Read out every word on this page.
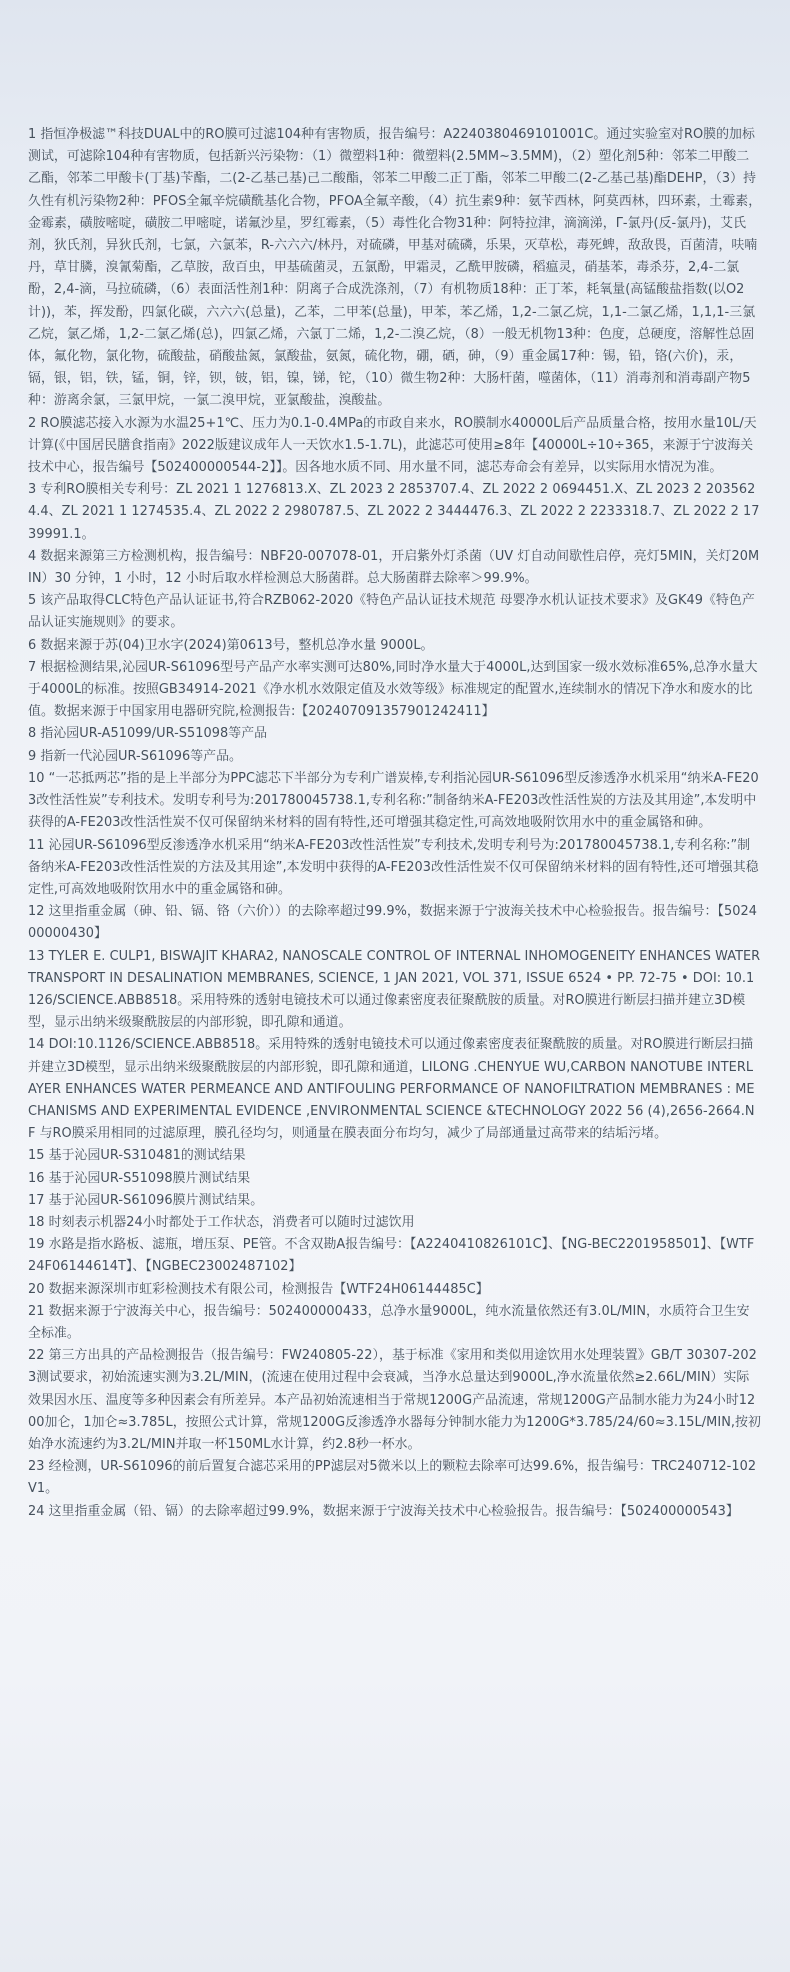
1 指恒净极滤™科技DUAL中的RO膜可过滤104种有害物质，报告编号：A2240380469101001C。通过实验室对RO膜的加标测试，可滤除104种有害物质，包括新兴污染物：（1）微塑料1种：微塑料(2.5MM~3.5MM)，（2）塑化剂5种：邻苯二甲酸二乙酯，邻苯二甲酸卡(丁基)苄酯，二(2-乙基己基)己二酸酯，邻苯二甲酸二正丁酯，邻苯二甲酸二(2-乙基己基)酯DEHP，（3）持久性有机污染物2种：PFOS全氟辛烷磺酰基化合物，PFOA全氟辛酸，（4）抗生素9种：氨苄西林，阿莫西林，四环素，土霉素，金霉素，磺胺嘧啶，磺胺二甲嘧啶，诺氟沙星，罗红霉素，（5）毒性化合物31种：阿特拉津，滴滴涕，Γ-氯丹(反-氯丹)，艾氏剂，狄氏剂，异狄氏剂，七氯，六氯苯，R-六六六/林丹，对硫磷，甲基对硫磷，乐果，灭草松，毒死蜱，敌敌畏，百菌清，呋喃丹，草甘膦，溴氰菊酯，乙草胺，敌百虫，甲基硫菌灵，五氯酚，甲霜灵，乙酰甲胺磷，稻瘟灵，硝基苯，毒杀芬，2,4-二氯酚，2,4-滴，马拉硫磷，（6）表面活性剂1种：阴离子合成洗涤剂，（7）有机物质18种：正丁苯，耗氧量(高锰酸盐指数(以O2计))，苯，挥发酚，四氯化碳，六六六(总量)，乙苯，二甲苯(总量)，甲苯，苯乙烯，1,2-二氯乙烷，1,1-二氯乙烯，1,1,1-三氯乙烷，氯乙烯，1,2-二氯乙烯(总)，四氯乙烯，六氯丁二烯，1,2-二溴乙烷，（8）一般无机物13种：色度，总硬度，溶解性总固体，氟化物，氯化物，硫酸盐，硝酸盐氮，氯酸盐，氨氮，硫化物，硼，硒，砷，（9）重金属17种：锡，铅，铬(六价)，汞，镉，银，铝，铁，锰，铜，锌，钡，铍，铝，镍，锑，铊，（10）微生物2种：大肠杆菌，噬菌体，（11）消毒剂和消毒副产物5种：游离余氯，三氯甲烷，一氯二溴甲烷，亚氯酸盐，溴酸盐。
2 RO膜滤芯接入水源为水温25+1℃、压力为0.1-0.4MPa的市政自来水，RO膜制水40000L后产品质量合格，按用水量10L/天计算(《中国居民膳食指南》2022版建议成年人一天饮水1.5-1.7L)，此滤芯可使用≥8年【40000L÷10÷365，来源于宁波海关技术中心，报告编号【502400000544-2】】。因各地水质不同、用水量不同，滤芯寿命会有差异，以实际用水情况为准。
3 专利RO膜相关专利号：ZL 2021 1 1276813.X、ZL 2023 2 2853707.4、ZL 2022 2 0694451.X、ZL 2023 2 2035624.4、ZL 2021 1 1274535.4、ZL 2022 2 2980787.5、ZL 2022 2 3444476.3、ZL 2022 2 2233318.7、ZL 2022 2 1739991.1。
4 数据来源第三方检测机构，报告编号：NBF20-007078-01，开启紫外灯杀菌（UV 灯自动间歇性启停，亮灯5MIN，关灯20MIN）30 分钟，1 小时，12 小时后取水样检测总大肠菌群。总大肠菌群去除率＞99.9%。
5 该产品取得CLC特色产品认证证书,符合RZB062-2020《特色产品认证技术规范 母婴净水机认证技术要求》及GK49《特色产品认证实施规则》的要求。
6 数据来源于苏(04)卫水字(2024)第0613号，整机总净水量 9000L。
7 根据检测结果,沁园UR-S61096型号产品产水率实测可达80%,同时净水量大于4000L,达到国家一级水效标准65%,总净水量大于4000L的标准。按照GB34914-2021《净水机水效限定值及水效等级》标准规定的配置水,连续制水的情况下净水和废水的比值。数据来源于中国家用电器研究院,检测报告:【20240709135790124​2411】
8 指沁园UR-A51099/UR-S51098等产品
9 指新一代沁园UR-S61096等产品。
10 “一芯抵两芯”指的是上半部分为PPC滤芯下半部分为专利广谱炭棒,专利指沁园UR-S61096型反渗透净水机采用“纳米A-FE203改性活性炭”专利技术。发明专利号为:201780045738.1,专利名称:”制备纳米A-FE203改性活性炭的方法及其用途”,本发明中获得的A-FE203改性活性炭不仅可保留纳米材料的固有特性,还可增强其稳定性,可高效地吸附饮用水中的重金属铬和砷。
11 沁园UR-S61096型反渗透净水机采用“纳米A-FE203改性活性炭”专利技术,发明专利号为:201780045738.1,专利名称:”制备纳米A-FE203改性活性炭的方法及其用途”,本发明中获得的A-FE203改性活性炭不仅可保留纳米材料的固有特性,还可增强其稳定性,可高效地吸附饮用水中的重金属铬和砷。
12 这里指重金属（砷、铅、镉、铬（六价））的去除率超过99.9%，数据来源于宁波海关技术中心检验报告。报告编号：【502400000430】
13 TYLER E. CULP1, BISWAJIT KHARA2, NANOSCALE CONTROL OF INTERNAL INHOMOGENEITY ENHANCES WATER TRANSPORT IN DESALINATION MEMBRANES, SCIENCE, 1 JAN 2021, VOL 371, ISSUE 6524 • PP. 72-75 • DOI: 10.1126/SCIENCE.ABB8518。采用特殊的透射电镜技术可以通过像素密度表征聚酰胺的质量。对RO膜进行断层扫描并建立3D模型，显示出纳米级聚酰胺层的内部形貌，即孔隙和通道。
14 DOI:10.1126/SCIENCE.ABB8518。采用特殊的透射电镜技术可以通过像素密度表征聚酰胺的质量。对RO膜进行断层扫描并建立3D模型，显示出纳米级聚酰胺层的内部形貌，即孔隙和通道，LILONG .CHENYUE WU,CARBON NANOTUBE INTERLAYER ENHANCES WATER PERMEANCE AND ANTIFOULING PERFORMANCE OF NANOFILTRATION MEMBRANES : MECHANISMS AND EXPERIMENTAL EVIDENCE ,ENVIRONMENTAL SCIENCE &TECHNOLOGY 2022 56 (4),2656-2664.NF 与RO膜采用相同的过滤原理，膜孔径均匀，则通量在膜表面分布均匀，减少了局部通量过高带来的结垢污堵。
15 基于沁园UR-S310481的测试结果
16 基于沁园UR-S51098膜片测试结果
17 基于沁园UR-S61096膜片测试结果。
18 时刻表示机器24小时都处于工作状态，消费者可以随时过滤饮用
19 水路是指水路板、滤瓶，增压泵、PE管。不含双勘A报告编号：【A2240410826101C】、【NG-BEC2201958501】、【WTF24F06144614T】、【NGBEC23002487102】
20 数据来源深圳市虹彩检测技术有限公司，检测报告【WTF24H06144485C】
21 数据来源于宁波海关中心，报告编号：502400000433，总净水量9000L，纯水流量依然还有3.0L/MIN，水质符合卫生安全标准。
22 第三方出具的产品检测报告（报告编号：FW240805-22），基于标准《家用和类似用途饮用水处理装置》GB/T 30307-2023测试要求，初始流速实测为3.2L/MIN，(流速在使用过程中会衰减，当净水总量达到9000L,净水流量依然≥2.66L/MIN）实际效果因水压、温度等多种因素会有所差异。本产品初始流速相当于常规1200G产品流速，常规1200G产品制水能力为24小时1200加仑，1加仑≈3.785L，按照公式计算，常规1200G反渗透净水器每分钟制水能力为1200G*3.785/24/60≈3.15L/MIN,按初始净水流速约为3.2L/MIN并取一杯150ML水计算，约2.8秒一杯水。
23 经检测，UR-S61096的前后置复合滤芯采用的PP滤层对5微米以上的颗粒去除率可达99.6%，报告编号：TRC240712-102V1。
24 这里指重金属（铅、镉）的去除率超过99.9%，数据来源于宁波海关技术中心检验报告。报告编号：【502400000543】
